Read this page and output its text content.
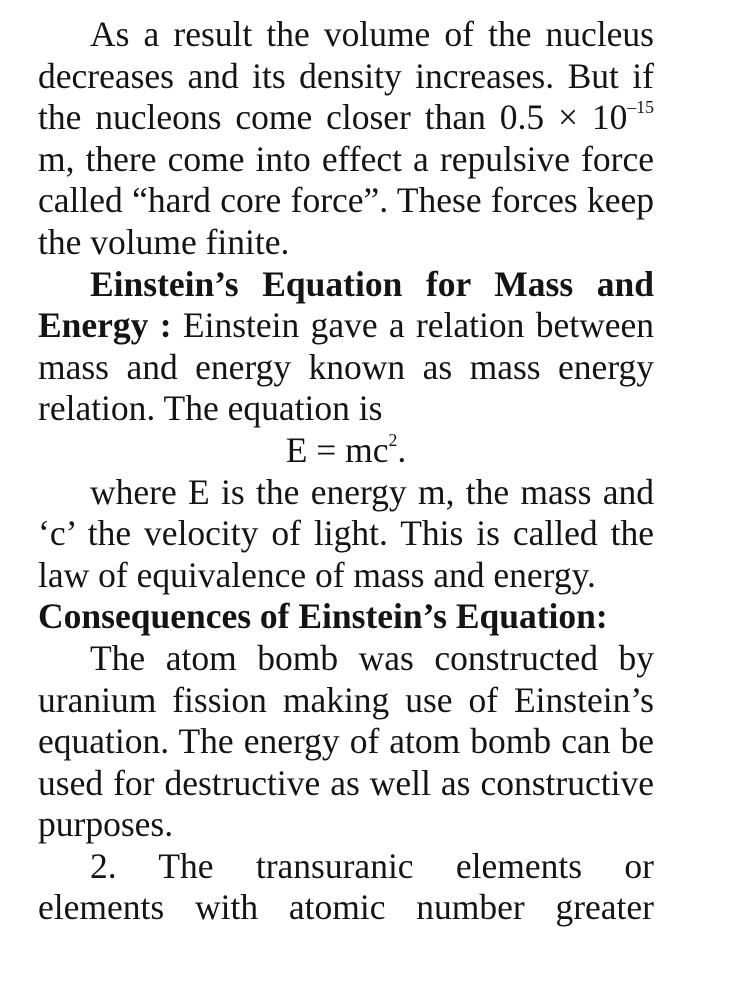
As a result the volume of the nucleus decreases and its density increases. But if the nucleons come closer than $0.5 \times 10^{-15}$ m, there come into effect a repulsive force called “hard core force”. These forces keep the volume finite.

Einstein’s Equation for Mass and Energy : Einstein gave a relation between mass and energy known as mass energy relation. The equation is

$E = mc^2$.

where E is the energy m, the mass and ‘c’ the velocity of light. This is called the law of equivalence of mass and energy.

Consequences of Einstein’s Equation:

The atom bomb was constructed by uranium fission making use of Einstein’s equation. The energy of atom bomb can be used for destructive as well as constructive purposes.

2. The transuranic elements or elements with atomic number greater
